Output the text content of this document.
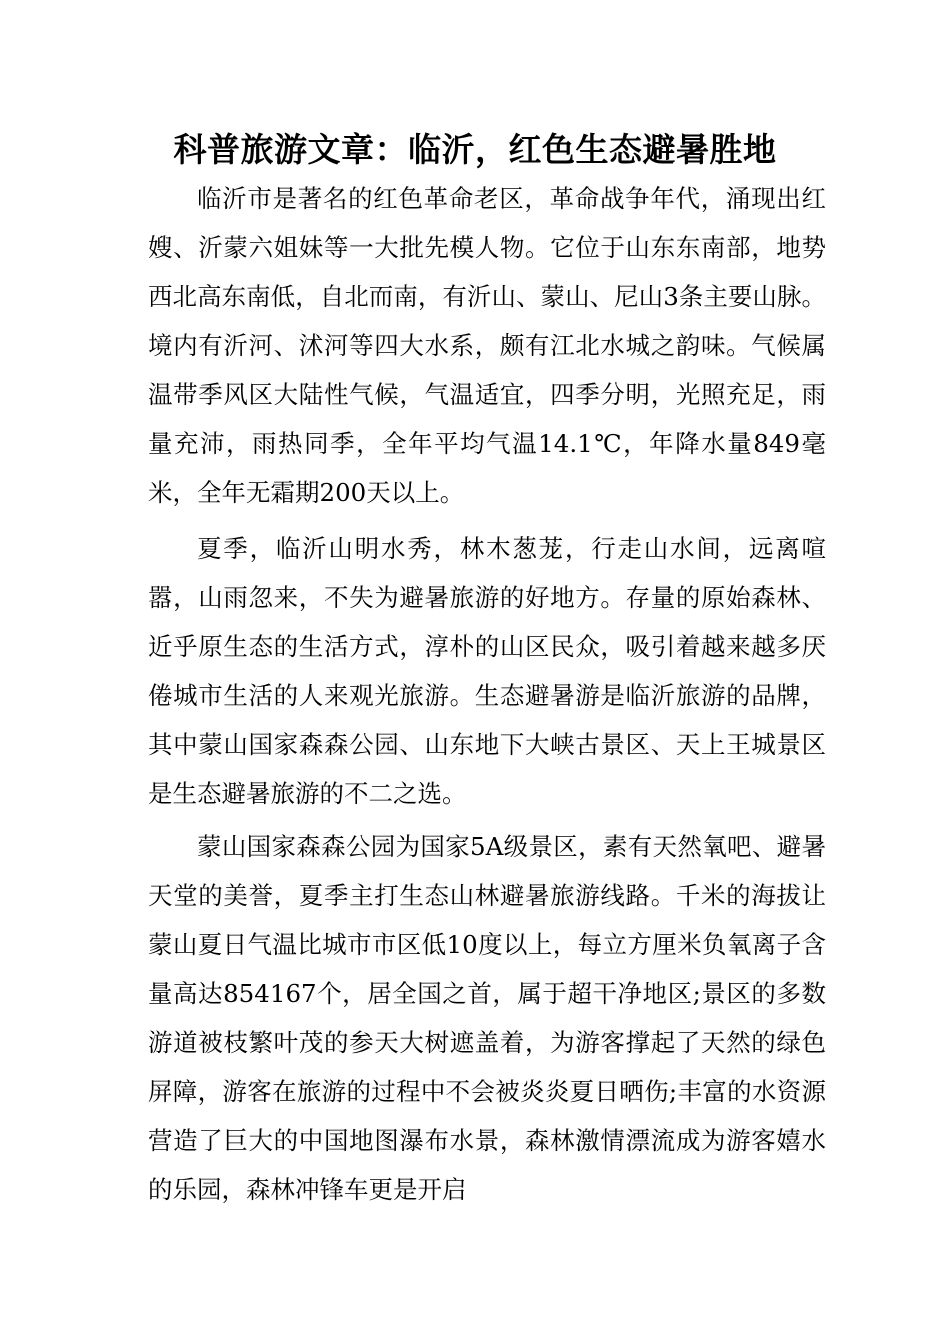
科普旅游文章：临沂，红色生态避暑胜地

临沂市是著名的红色革命老区，革命战争年代，涌现出红嫂、沂蒙六姐妹等一大批先模人物。它位于山东东南部，地势西北高东南低，自北而南，有沂山、蒙山、尼山3条主要山脉。境内有沂河、沭河等四大水系，颇有江北水城之韵味。气候属温带季风区大陆性气候，气温适宜，四季分明，光照充足，雨量充沛，雨热同季，全年平均气温14.1℃，年降水量849毫米，全年无霜期200天以上。

夏季，临沂山明水秀，林木葱茏，行走山水间，远离喧嚣，山雨忽来，不失为避暑旅游的好地方。存量的原始森林、近乎原生态的生活方式，淳朴的山区民众，吸引着越来越多厌倦城市生活的人来观光旅游。生态避暑游是临沂旅游的品牌，其中蒙山国家森森公园、山东地下大峡古景区、天上王城景区是生态避暑旅游的不二之选。

蒙山国家森森公园为国家5A级景区，素有天然氧吧、避暑天堂的美誉，夏季主打生态山林避暑旅游线路。千米的海拔让蒙山夏日气温比城市市区低10度以上，每立方厘米负氧离子含量高达854167个，居全国之首，属于超干净地区;景区的多数游道被枝繁叶茂的参天大树遮盖着，为游客撑起了天然的绿色屏障，游客在旅游的过程中不会被炎炎夏日晒伤;丰富的水资源营造了巨大的中国地图瀑布水景，森林激情漂流成为游客嬉水的乐园，森林冲锋车更是开启
